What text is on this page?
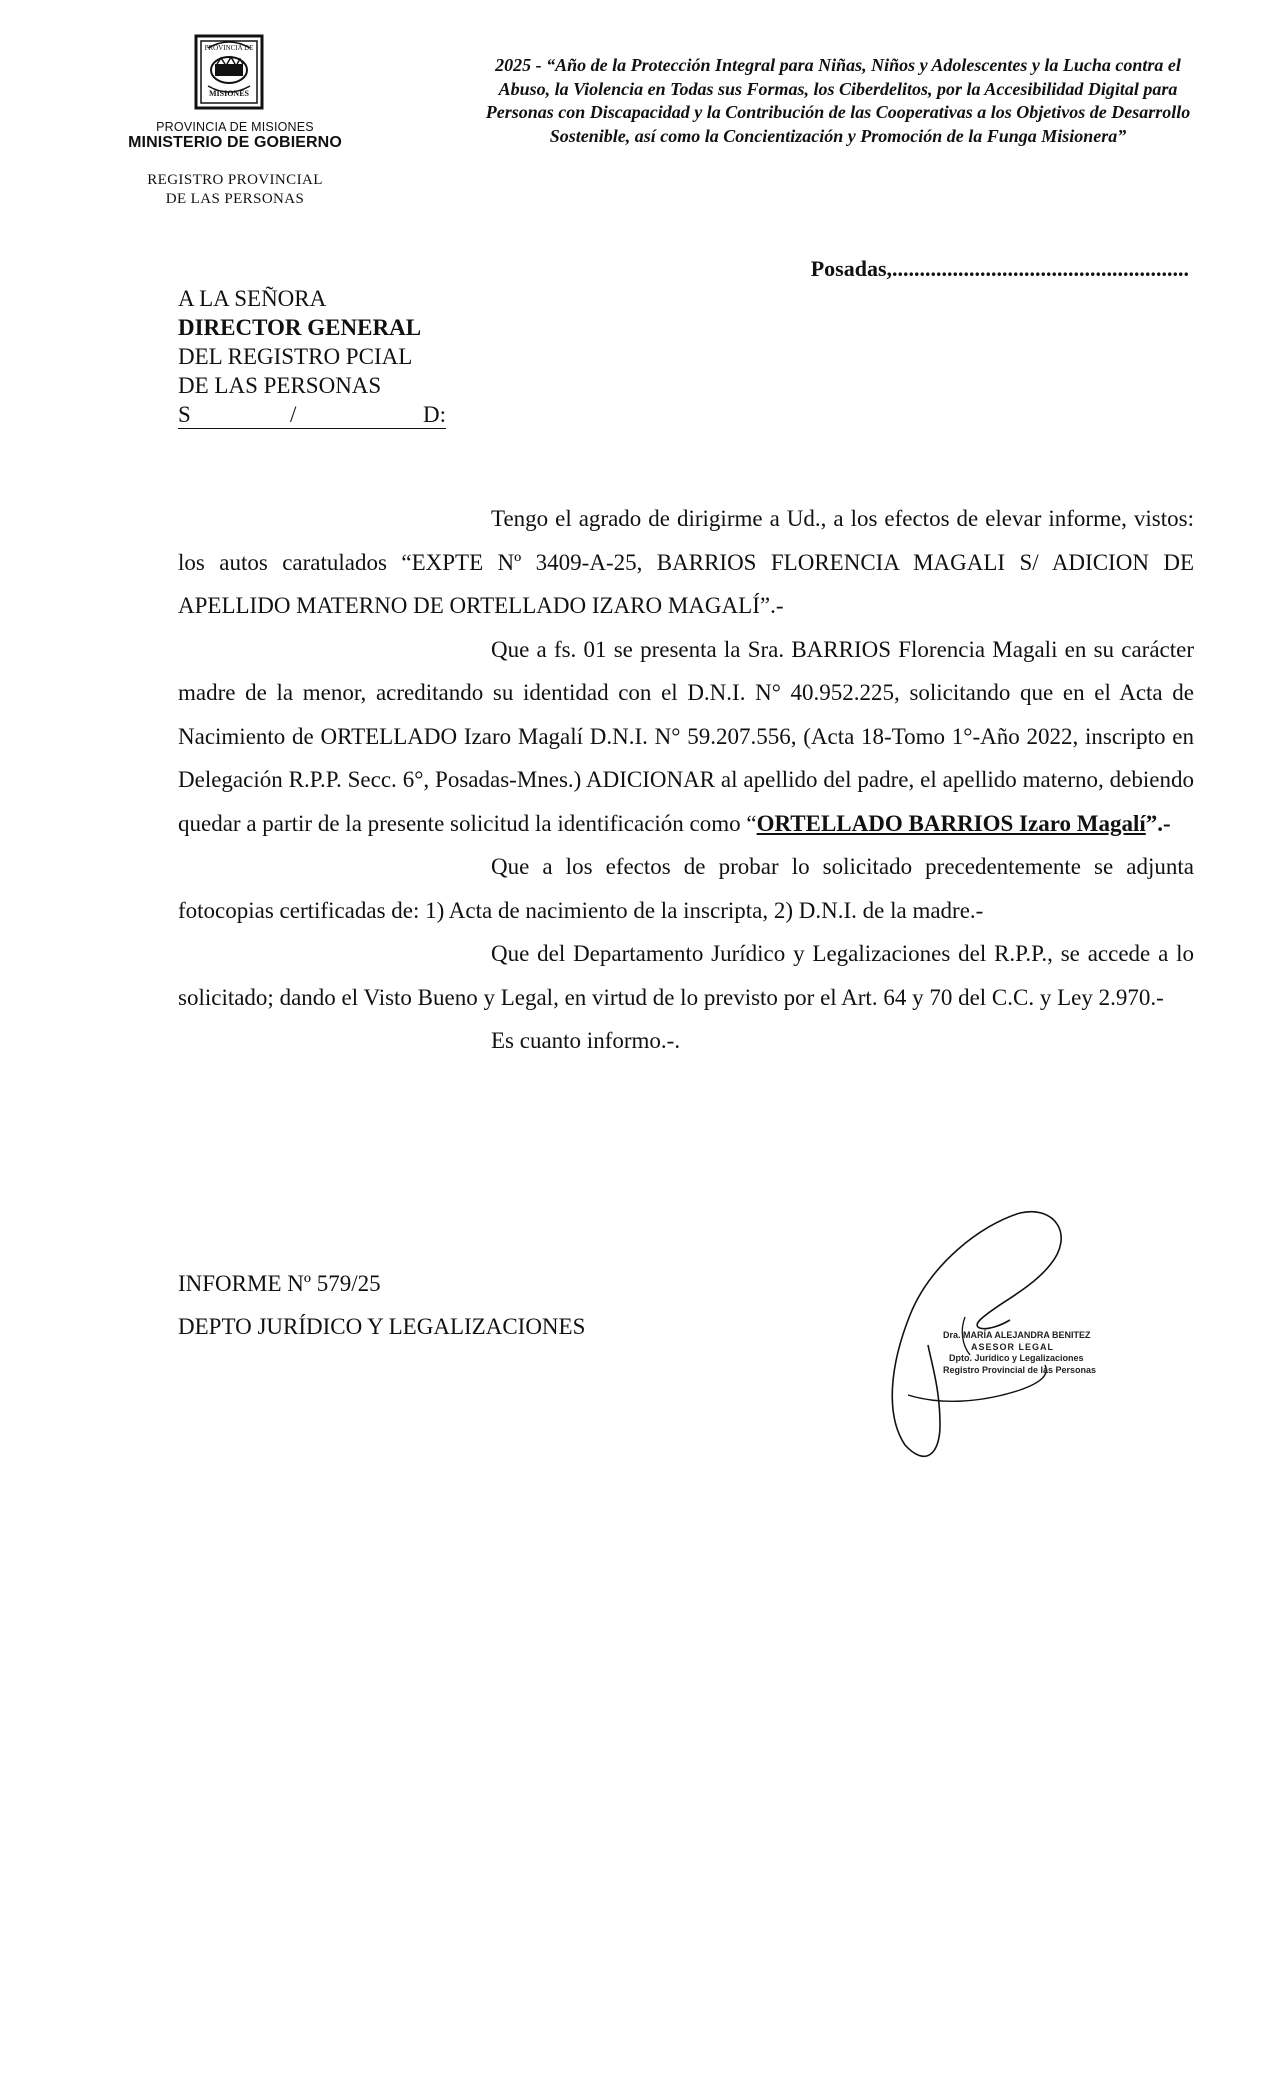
PROVINCIA DE
MISIONES
PROVINCIA DE MISIONES
MINISTERIO DE GOBIERNO
REGISTRO PROVINCIAL
DE LAS PERSONAS
2025 - “Año de la Protección Integral para Niñas, Niños y Adolescentes y la Lucha contra el Abuso, la Violencia en Todas sus Formas, los Ciberdelitos, por la Accesibilidad Digital para Personas con Discapacidad y la Contribución de las Cooperativas a los Objetivos de Desarrollo Sostenible, así como la Concientización y Promoción de la Funga Misionera”
Posadas,......................................................
A LA SEÑORA
DIRECTOR GENERAL
DEL REGISTRO PCIAL
DE LAS PERSONAS
S	/	D:

Tengo el agrado de dirigirme a Ud., a los efectos de elevar informe, vistos: los autos caratulados “EXPTE Nº 3409-A-25, BARRIOS FLORENCIA MAGALI S/ ADICION DE APELLIDO MATERNO DE ORTELLADO IZARO MAGALÍ”.-

Que a fs. 01 se presenta la Sra. BARRIOS Florencia Magali en su carácter madre de la menor, acreditando su identidad con el D.N.I. N° 40.952.225, solicitando que en el Acta de Nacimiento de ORTELLADO Izaro Magalí D.N.I. N° 59.207.556, (Acta 18-Tomo 1°-Año 2022, inscripto en Delegación R.P.P. Secc. 6°, Posadas-Mnes.) ADICIONAR al apellido del padre, el apellido materno, debiendo quedar a partir de la presente solicitud la identificación como “ORTELLADO BARRIOS Izaro Magalí”.-

Que a los efectos de probar lo solicitado precedentemente se adjunta fotocopias certificadas de: 1) Acta de nacimiento de la inscripta, 2) D.N.I. de la madre.-

Que del Departamento Jurídico y Legalizaciones del R.P.P., se accede a lo solicitado; dando el Visto Bueno y Legal, en virtud de lo previsto por el Art. 64 y 70 del C.C. y Ley 2.970.-

Es cuanto informo.-.

INFORME Nº 579/25
DEPTO JURÍDICO Y LEGALIZACIONES	Dra. MARÍA ALEJANDRA BENITEZ
ASESOR LEGAL
Dpto. Jurídico y Legalizaciones
Registro Provincial de las Personas
